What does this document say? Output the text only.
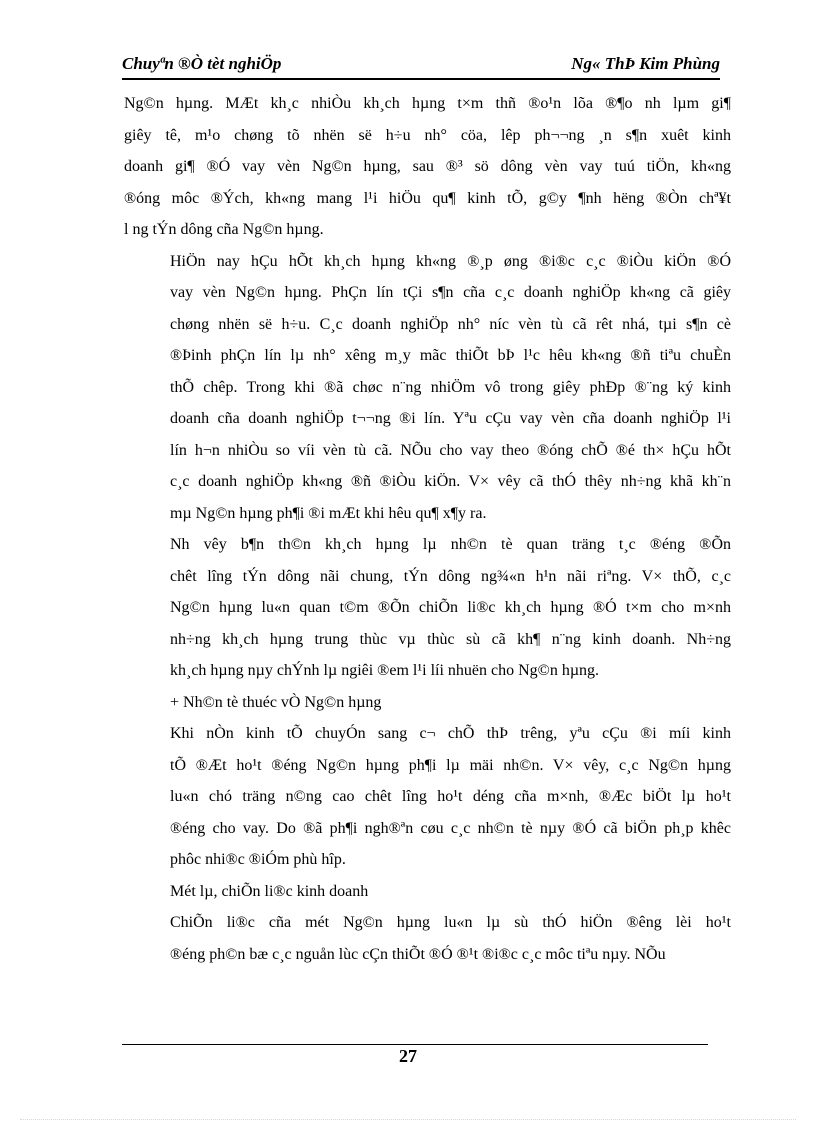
Chuyªn ®Ò tèt nghiÖp	Ng« ThÞ Kim Phùng

Ng©n hµng. MÆt kh¸c nhiÒu kh¸ch hµng t×m thñ ®o¹n lõa ®¶o nh lµm gi¶
giêy tê, m¹o chøng tõ nhën së h÷u nh° cöa, lêp ph¬¬ng ¸n s¶n xuêt kinh
doanh gi¶ ®Ó vay vèn Ng©n hµng, sau ®³ sö dông vèn vay tuú tiÖn, kh«ng
®óng môc ®Ých, kh«ng mang l¹i hiÖu qu¶ kinh tÕ, g©y ¶nh hëng ®Òn chª¥t
l ng tÝn dông cña Ng©n hµng.

HiÖn nay hÇu hÕt kh¸ch hµng kh«ng ®¸p øng ®i®c c¸c ®iÒu kiÖn ®Ó
vay vèn Ng©n hµng. PhÇn lín tÇi s¶n cña c¸c doanh nghiÖp kh«ng cã giêy
chøng nhën së h÷u. C¸c doanh nghiÖp nh° níc vèn tù cã rêt nhá, tµi s¶n cè
®Þinh phÇn lín lµ nh° xêng m¸y mãc thiÕt bÞ l¹c hêu kh«ng ®ñ tiªu chuÈn
thÕ chêp. Trong khi ®ã chøc n¨ng nhiÖm vô trong giêy phÐp ®¨ng ký kinh
doanh cña doanh nghiÖp t¬¬ng ®i lín. Yªu cÇu vay vèn cña doanh nghiÖp l¹i
lín h¬n nhiÒu so víi vèn tù cã. NÕu cho vay theo ®óng chÕ ®é th× hÇu hÕt
c¸c doanh nghiÖp kh«ng ®ñ ®iÒu kiÖn. V× vêy cã thÓ thêy nh÷ng khã kh¨n
mµ Ng©n hµng ph¶i ®i mÆt khi hêu qu¶ x¶y ra.

Nh vêy b¶n th©n kh¸ch hµng lµ nh©n tè quan träng t¸c ®éng ®Õn
chêt lîng tÝn dông nãi chung, tÝn dông ng¾«n h¹n nãi riªng. V× thÕ, c¸c
Ng©n hµng lu«n quan t©m ®Õn chiÕn li®c kh¸ch hµng ®Ó t×m cho m×nh
nh÷ng kh¸ch hµng trung thùc vµ thùc sù cã kh¶ n¨ng kinh doanh. Nh÷ng
kh¸ch hµng nµy chÝnh lµ ngiêi ®em l¹i líi nhuën cho Ng©n hµng.

+ Nh©n tè thuéc vÒ Ng©n hµng

Khi nÒn kinh tÕ chuyÓn sang c¬ chÕ thÞ trêng, yªu cÇu ®i míi kinh
tÕ ®Æt ho¹t ®éng Ng©n hµng ph¶i lµ mäi nh©n. V× vêy, c¸c Ng©n hµng
lu«n chó träng n©ng cao chêt lîng ho¹t déng cña m×nh, ®Æc biÖt lµ ho¹t
®éng cho vay. Do ®ã ph¶i ngh®ªn cøu c¸c nh©n tè nµy ®Ó cã biÖn ph¸p khêc
phôc nhi®c ®iÓm phù hîp.

Mét lµ, chiÕn li®c kinh doanh

ChiÕn li®c cña mét Ng©n hµng lu«n lµ sù thÓ hiÖn ®êng lèi ho¹t
®éng ph©n bæ c¸c nguån lùc cÇn thiÕt ®Ó ®¹t ®i®c c¸c môc tiªu nµy. NÕu

27
